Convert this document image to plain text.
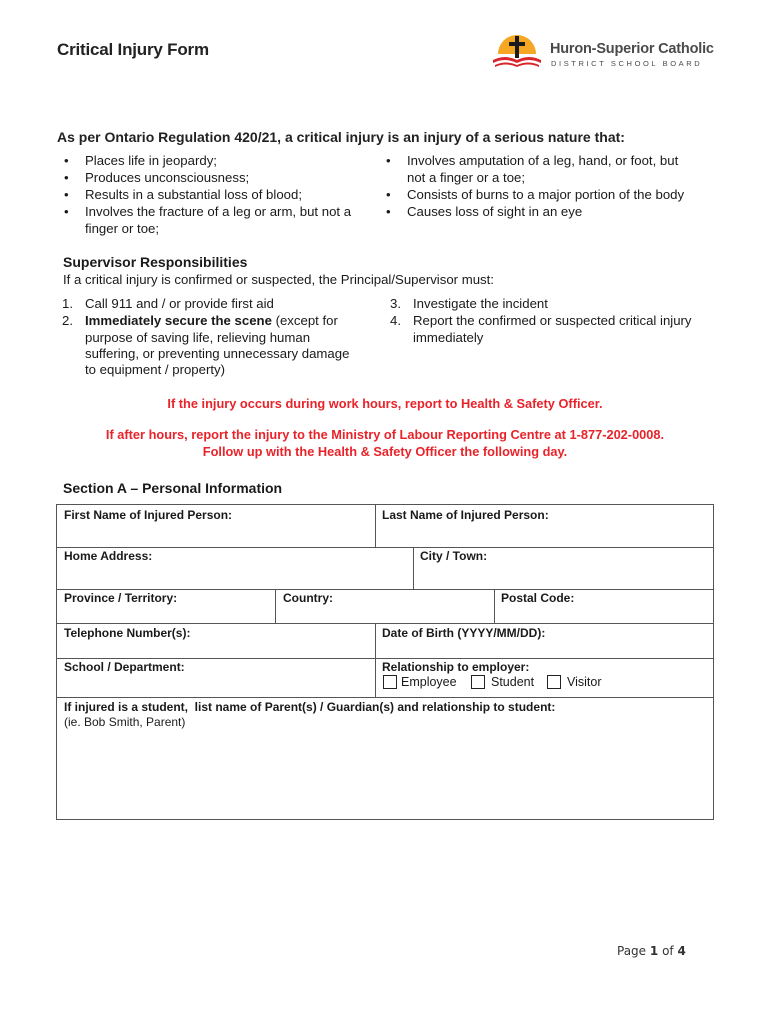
Critical Injury Form	Huron-Superior Catholic
DISTRICT SCHOOL BOARD
As per Ontario Regulation 420/21, a critical injury is an injury of a serious nature that:
• Places life in jeopardy;
• Produces unconsciousness;
• Results in a substantial loss of blood;
• Involves the fracture of a leg or arm, but not a
finger or toe;
• Involves amputation of a leg, hand, or foot, but
not a finger or a toe;
• Consists of burns to a major portion of the body
• Causes loss of sight in an eye
Supervisor Responsibilities
If a critical injury is confirmed or suspected, the Principal/Supervisor must:
1. Call 911 and / or provide first aid
2. Immediately secure the scene (except for
purpose of saving life, relieving human
suffering, or preventing unnecessary damage
to equipment / property)
3. Investigate the incident
4. Report the confirmed or suspected critical injury
immediately
If the injury occurs during work hours, report to Health & Safety Officer.
If after hours, report the injury to the Ministry of Labour Reporting Centre at 1-877-202-0008.
Follow up with the Health & Safety Officer the following day.
Section A – Personal Information
First Name of Injured Person:	Last Name of Injured Person:
Home Address:	City / Town:
Province / Territory:	Country:	Postal Code:
Telephone Number(s):	Date of Birth (YYYY/MM/DD):
School / Department:	Relationship to employer:
Employee	Student	Visitor
If injured is a student,  list name of Parent(s) / Guardian(s) and relationship to student:
(ie. Bob Smith, Parent)
Page 1 of 4
